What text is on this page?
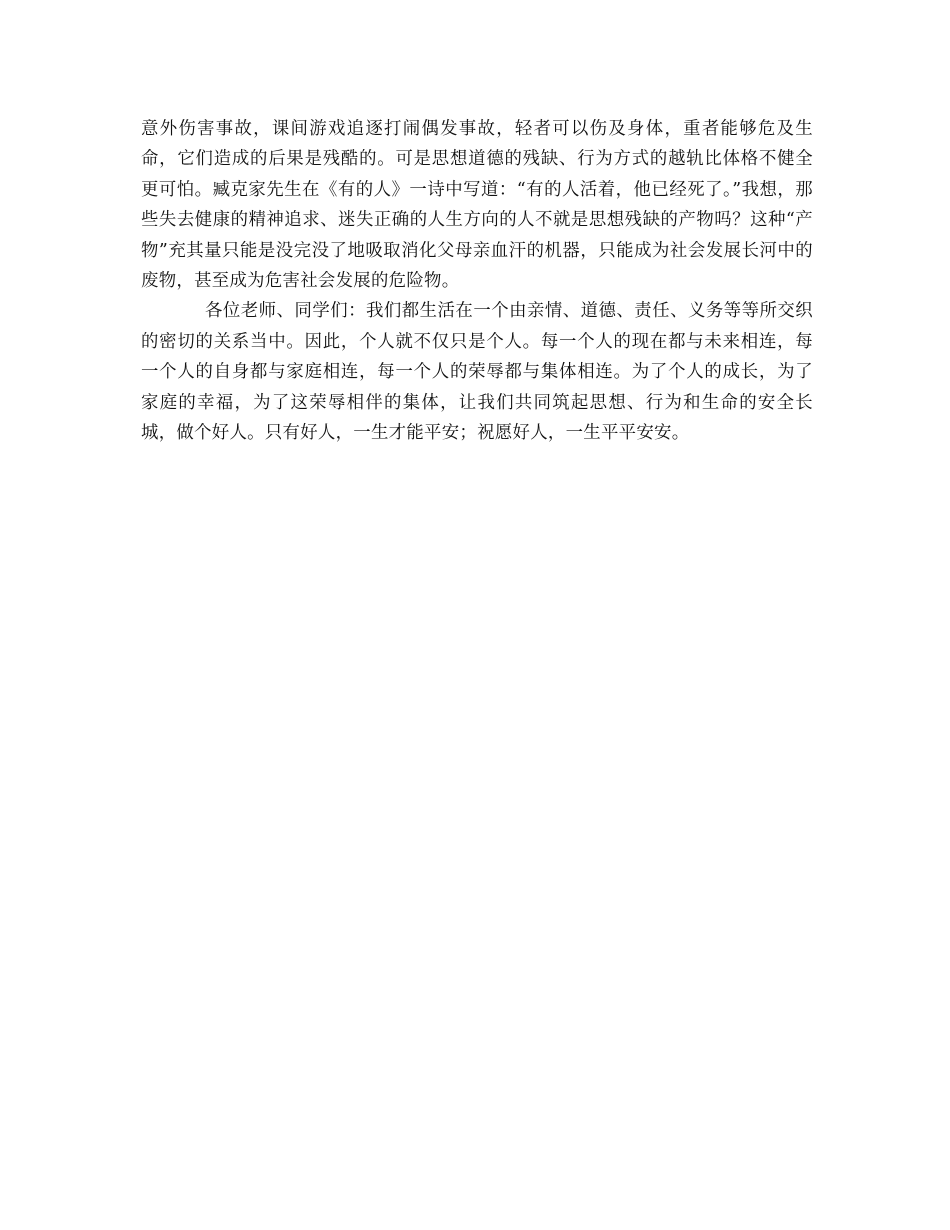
意外伤害事故，课间游戏追逐打闹偶发事故，轻者可以伤及身体，重者能够危及生命，它们造成的后果是残酷的。可是思想道德的残缺、行为方式的越轨比体格不健全更可怕。臧克家先生在《有的人》一诗中写道：“有的人活着，他已经死了。”我想，那些失去健康的精神追求、迷失正确的人生方向的人不就是思想残缺的产物吗？这种“产物”充其量只能是没完没了地吸取消化父母亲血汗的机器，只能成为社会发展长河中的废物，甚至成为危害社会发展的危险物。

各位老师、同学们：我们都生活在一个由亲情、道德、责任、义务等等所交织的密切的关系当中。因此，个人就不仅只是个人。每一个人的现在都与未来相连，每一个人的自身都与家庭相连，每一个人的荣辱都与集体相连。为了个人的成长，为了家庭的幸福，为了这荣辱相伴的集体，让我们共同筑起思想、行为和生命的安全长城，做个好人。只有好人，一生才能平安；祝愿好人，一生平平安安。
